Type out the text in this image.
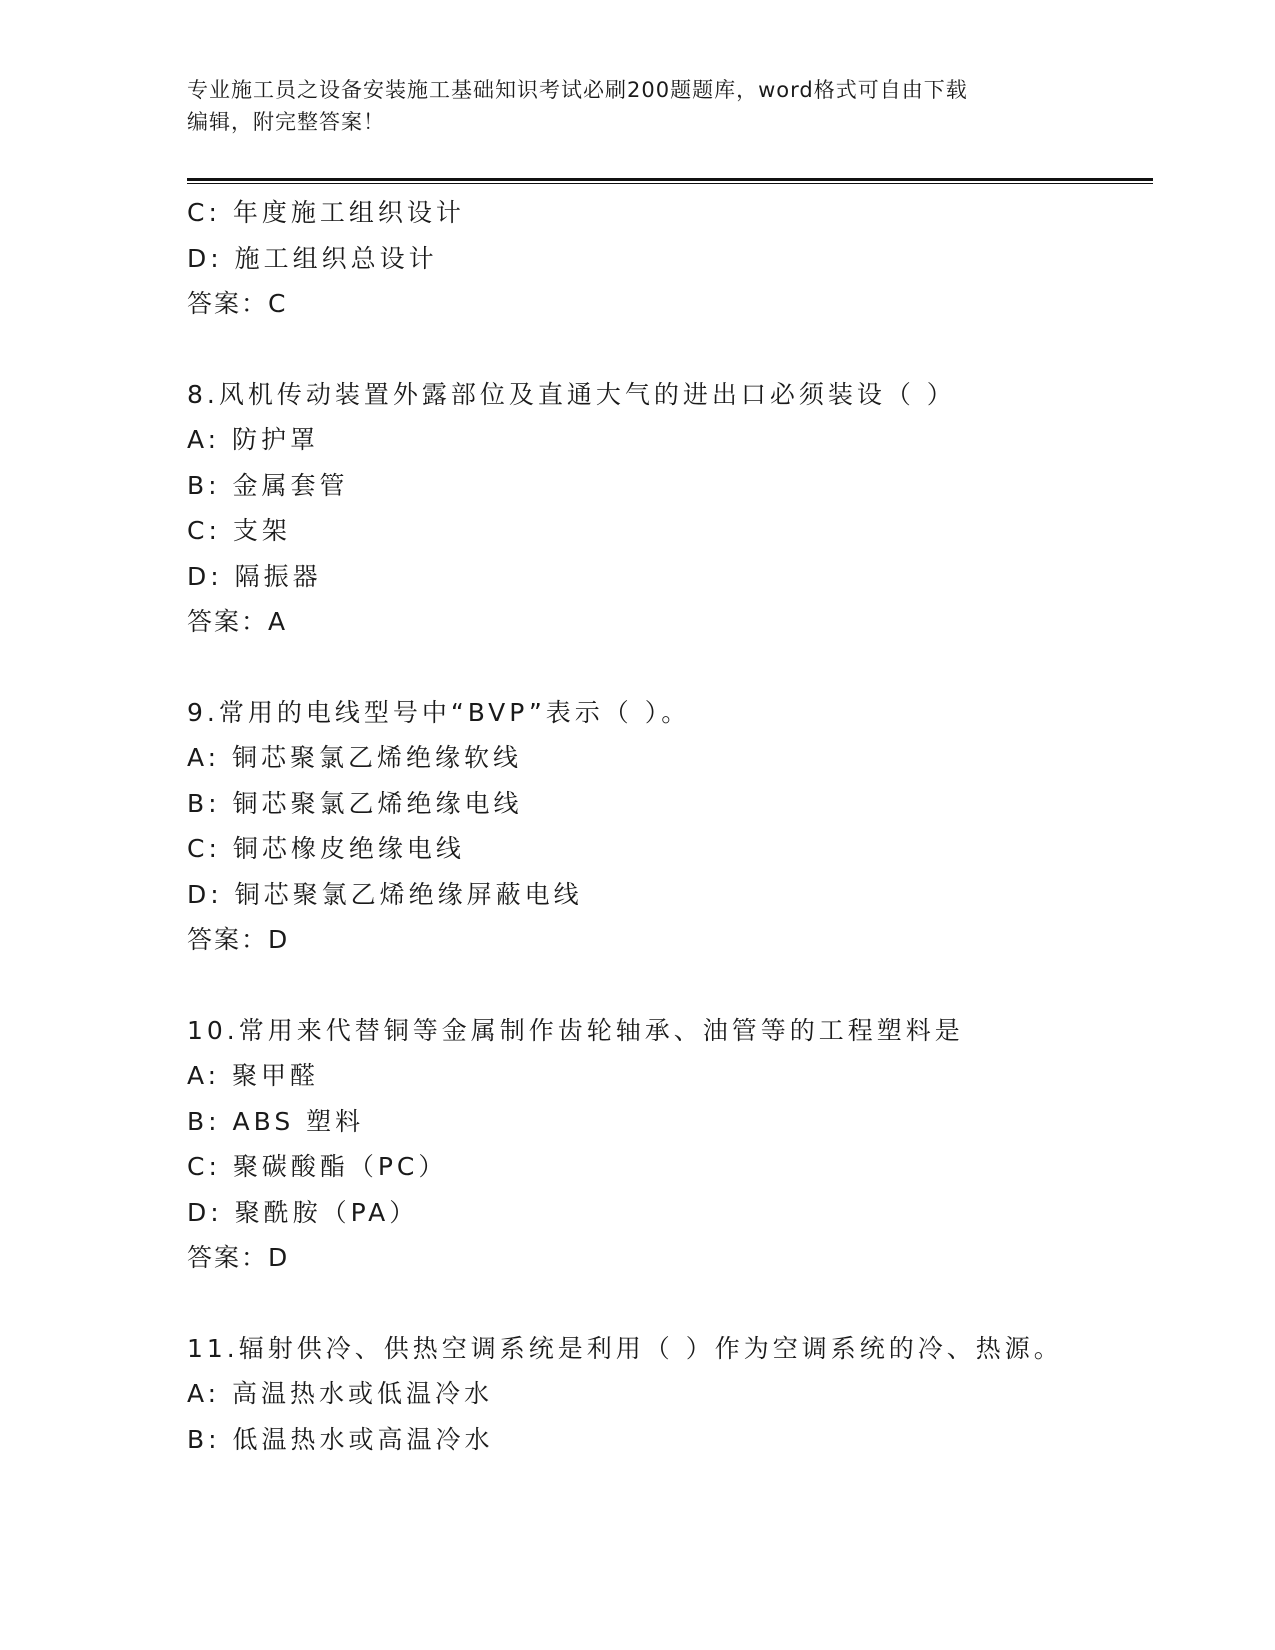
专业施工员之设备安装施工基础知识考试必刷200题题库，word格式可自由下载
编辑，附完整答案！
C: 年度施工组织设计
D: 施工组织总设计
答案：C
8.风机传动装置外露部位及直通大气的进出口必须装设（ ）
A: 防护罩
B: 金属套管
C: 支架
D: 隔振器
答案：A
9.常用的电线型号中“BVP”表示（ ）。
A: 铜芯聚氯乙烯绝缘软线
B: 铜芯聚氯乙烯绝缘电线
C: 铜芯橡皮绝缘电线
D: 铜芯聚氯乙烯绝缘屏蔽电线
答案：D
10.常用来代替铜等金属制作齿轮轴承、油管等的工程塑料是
A: 聚甲醛
B: ABS 塑料
C: 聚碳酸酯（PC）
D: 聚酰胺（PA）
答案：D
11.辐射供冷、供热空调系统是利用（ ）作为空调系统的冷、热源。
A: 高温热水或低温冷水
B: 低温热水或高温冷水
